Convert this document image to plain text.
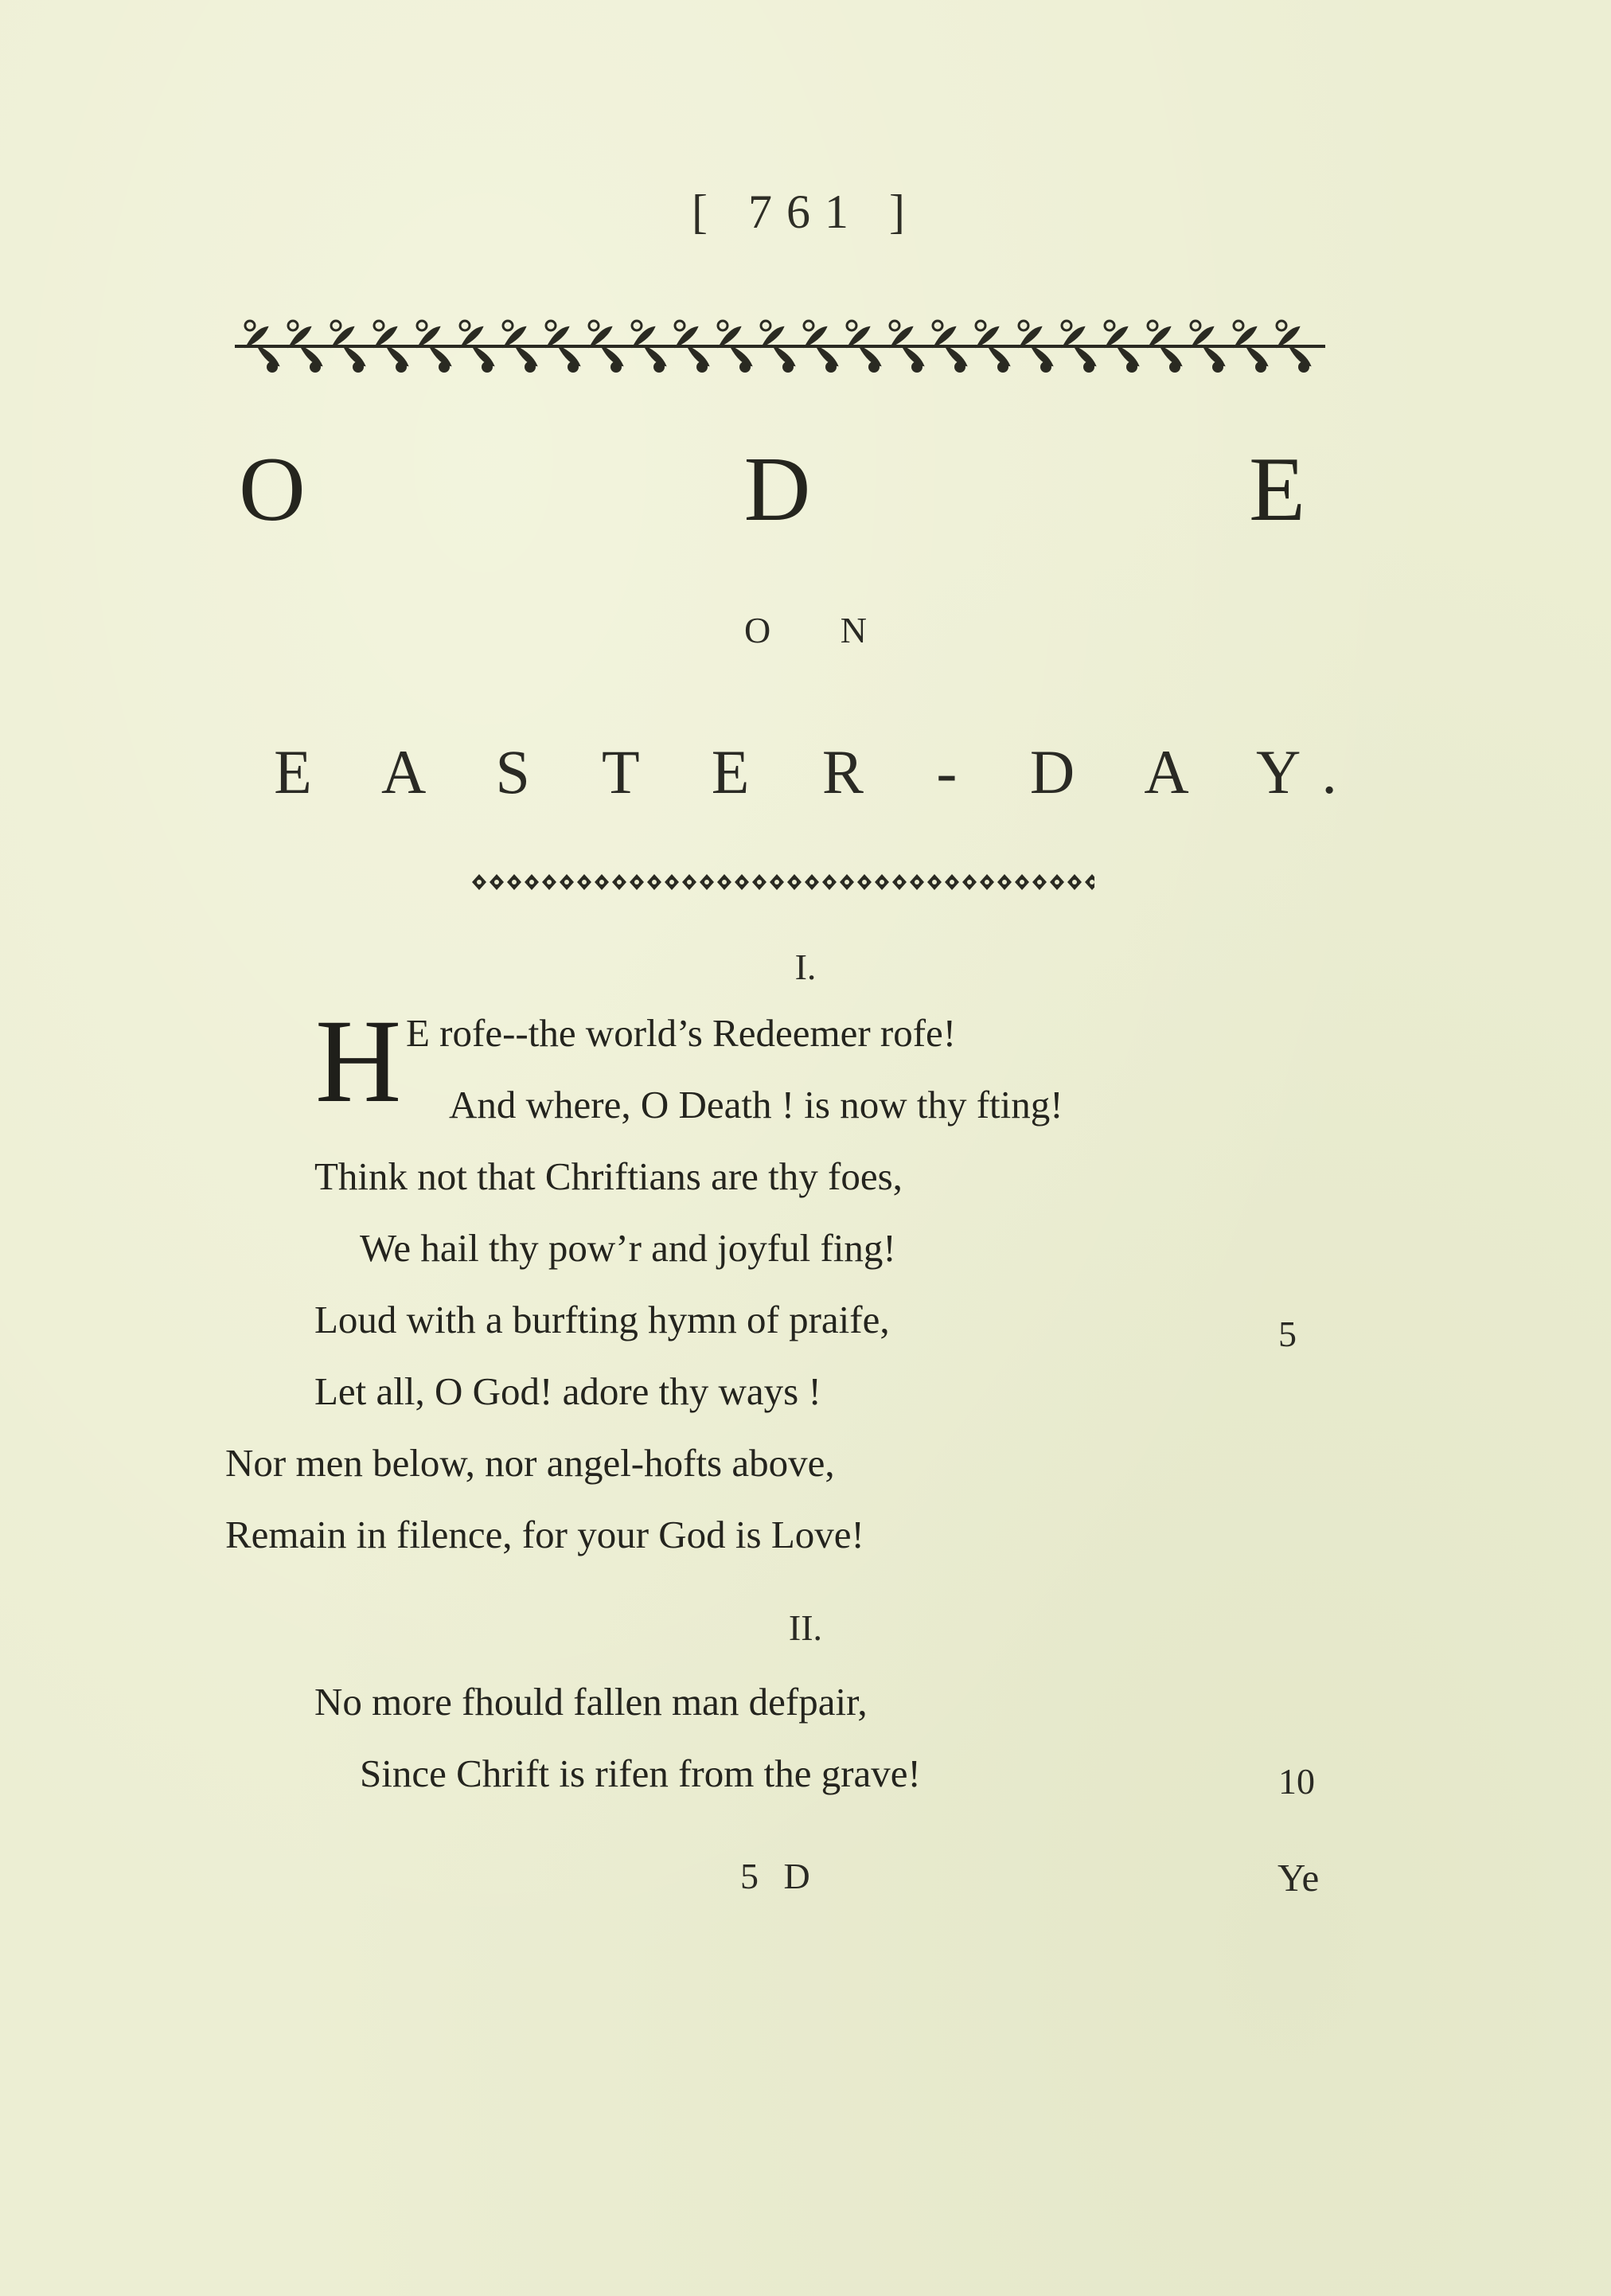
[ 761 ]
O	D	E
O N
E A S T E R - D A Y.
I.
H E rofe--the world’s Redeemer rofe!
And where, O Death ! is now thy fting!
Think not that Chriftians are thy foes,
We hail thy pow’r and joyful fing!
Loud with a burfting hymn of praife,	5
Let all, O God! adore thy ways !
Nor men below, nor angel-hofts above,
Remain in filence, for your God is Love!
II.
No more fhould fallen man defpair,
Since Chrift is rifen from the grave!	10
5 D	Ye
